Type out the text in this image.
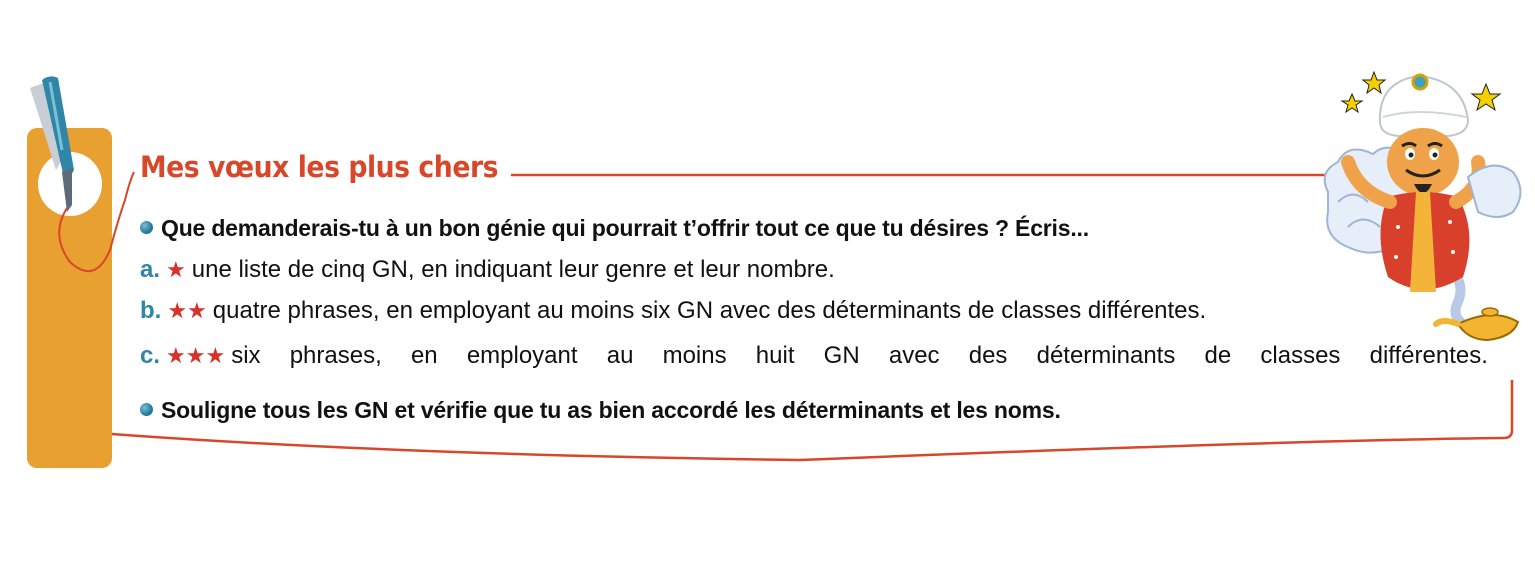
Mes vœux les plus chers
Que demanderais-tu à un bon génie qui pourrait t’offrir tout ce que tu désires ? Écris...
a. ★ une liste de cinq GN, en indiquant leur genre et leur nombre.
b. ★★ quatre phrases, en employant au moins six GN avec des déterminants de classes différentes.
c. ★★★ six phrases, en employant au moins huit GN avec des déterminants de classes différentes.
Souligne tous les GN et vérifie que tu as bien accordé les déterminants et les noms.
